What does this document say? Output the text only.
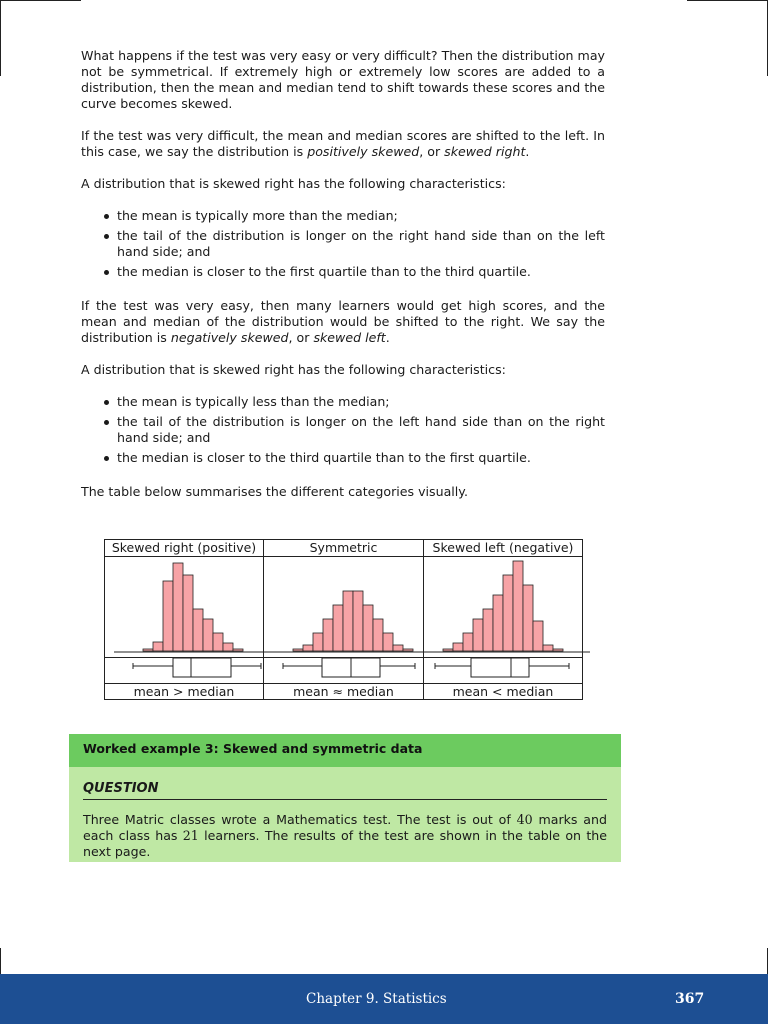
What happens if the test was very easy or very difficult? Then the distribution may not be symmetrical. If extremely high or extremely low scores are added to a distribution, then the mean and median tend to shift towards these scores and the curve becomes skewed.

If the test was very difficult, the mean and median scores are shifted to the left. In this case, we say the distribution is positively skewed, or skewed right.

A distribution that is skewed right has the following characteristics:

the mean is typically more than the median;
the tail of the distribution is longer on the right hand side than on the left hand side; and
the median is closer to the first quartile than to the third quartile.

If the test was very easy, then many learners would get high scores, and the mean and median of the distribution would be shifted to the right. We say the distribution is negatively skewed, or skewed left.

A distribution that is skewed right has the following characteristics:

the mean is typically less than the median;
the tail of the distribution is longer on the left hand side than on the right hand side; and
the median is closer to the third quartile than to the first quartile.

The table below summarises the different categories visually.

Skewed right (positive)	Symmetric	Skewed left (negative)
mean > median	mean ≈ median	mean < median
Worked example 3: Skewed and symmetric data
QUESTION
Three Matric classes wrote a Mathematics test. The test is out of 40 marks and each class has 21 learners. The results of the test are shown in the table on the next page.
Chapter 9. Statistics	367
